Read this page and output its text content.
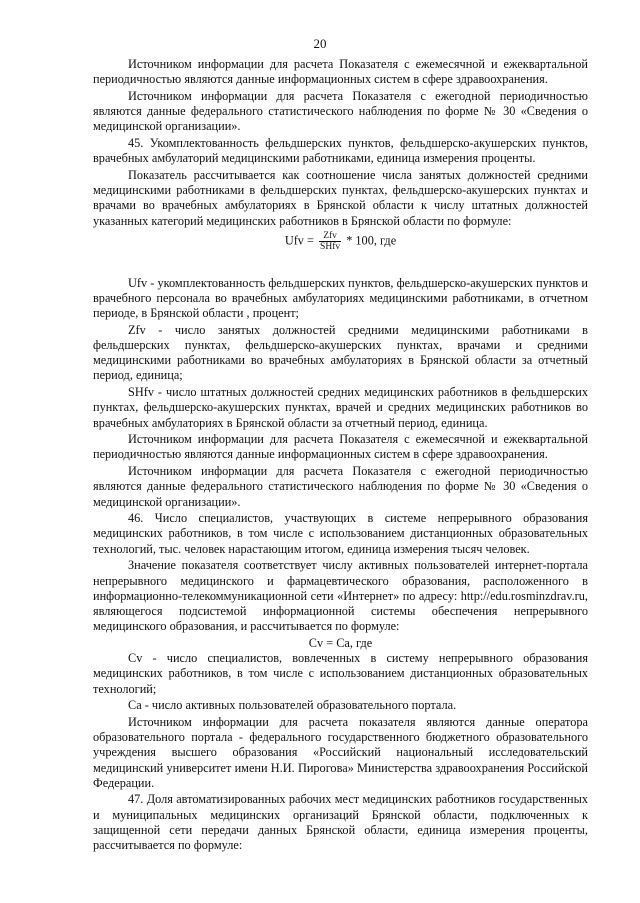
20

Источником информации для расчета Показателя с ежемесячной и ежеквартальной периодичностью являются данные информационных систем в сфере здравоохранения.

Источником информации для расчета Показателя с ежегодной периодичностью являются данные федерального статистического наблюдения по форме № 30 «Сведения о медицинской организации».

45. Укомплектованность фельдшерских пунктов, фельдшерско-акушерских пунктов, врачебных амбулаторий медицинскими работниками, единица измерения проценты.

Показатель рассчитывается как соотношение числа занятых должностей средними медицинскими работниками в фельдшерских пунктах, фельдшерско-акушерских пунктах и врачами во врачебных амбулаториях в Брянской области к числу штатных должностей указанных категорий медицинских работников в Брянской области по формуле:

Ufv = $\frac{\text{Zfv}}{\text{SHfv}} * 100$, где

Ufv - укомплектованность фельдшерских пунктов, фельдшерско-акушерских пунктов и врачебного персонала во врачебных амбулаториях медицинскими работниками, в отчетном периоде, в Брянской области , процент;

Zfv - число занятых должностей средними медицинскими работниками в фельдшерских пунктах, фельдшерско-акушерских пунктах, врачами и средними медицинскими работниками во врачебных амбулаториях в Брянской области за отчетный период, единица;

SHfv - число штатных должностей средних медицинских работников в фельдшерских пунктах, фельдшерско-акушерских пунктах, врачей и средних медицинских работников во врачебных амбулаториях в Брянской области за отчетный период, единица.

Источником информации для расчета Показателя с ежемесячной и ежеквартальной периодичностью являются данные информационных систем в сфере здравоохранения.

Источником информации для расчета Показателя с ежегодной периодичностью являются данные федерального статистического наблюдения по форме № 30 «Сведения о медицинской организации».

46. Число специалистов, участвующих в системе непрерывного образования медицинских работников, в том числе с использованием дистанционных образовательных технологий, тыс. человек нарастающим итогом, единица измерения тысяч человек.

Значение показателя соответствует числу активных пользователей интернет-портала непрерывного медицинского и фармацевтического образования, расположенного в информационно-телекоммуникационной сети «Интернет» по адресу: http://edu.rosminzdrav.ru, являющегося подсистемой информационной системы обеспечения непрерывного медицинского образования, и рассчитывается по формуле:

Cv = Ca, где

Cv - число специалистов, вовлеченных в систему непрерывного образования медицинских работников, в том числе с использованием дистанционных образовательных технологий;

Ca - число активных пользователей образовательного портала.

Источником информации для расчета показателя являются данные оператора образовательного портала - федерального государственного бюджетного образовательного учреждения высшего образования «Российский национальный исследовательский медицинский университет имени Н.И. Пирогова» Министерства здравоохранения Российской Федерации.

47. Доля автоматизированных рабочих мест медицинских работников государственных и муниципальных медицинских организаций Брянской области, подключенных к защищенной сети передачи данных Брянской области, единица измерения проценты, рассчитывается по формуле:
